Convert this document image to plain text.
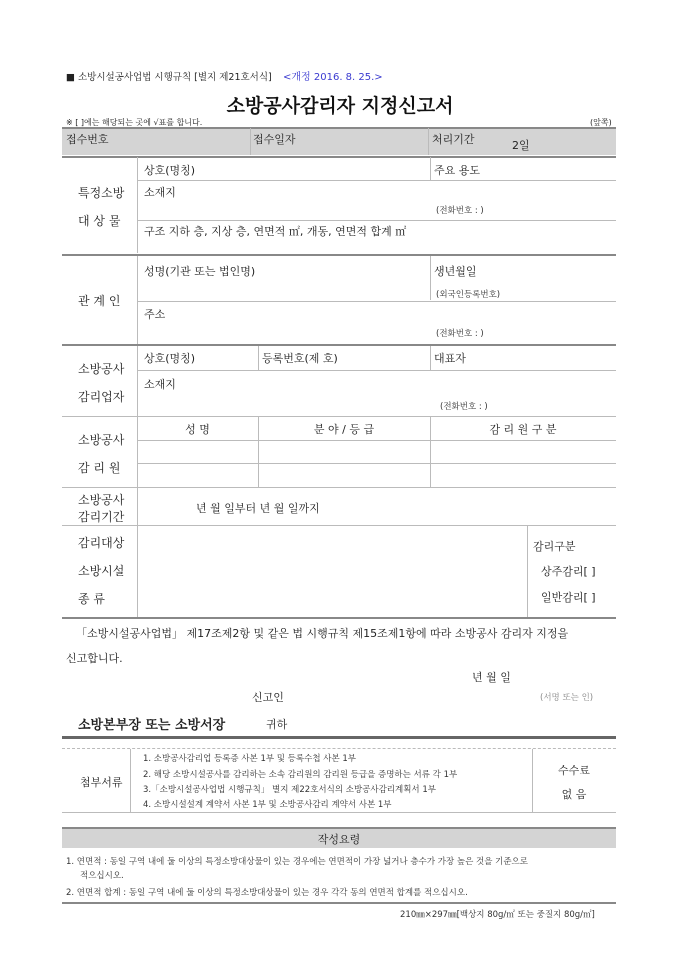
■ 소방시설공사업법 시행규칙 [별지 제21호서식] <개정 2016. 8. 25.>
소방공사감리자 지정신고서
※ [ ]에는 해당되는 곳에 √표를 합니다.	(앞쪽)
접수번호	접수일자	처리기간	2일
특정소방
대 상 물
상호(명칭)	주요 용도
소재지
(전화번호 : )
구조 지하 층, 지상 층, 연면적 ㎡, 개동, 연면적 합계 ㎡
관 계 인
성명(기관 또는 법인명)	생년월일
(외국인등록번호)
주소
(전화번호 : )
소방공사
감리업자
상호(명칭)	등록번호(제 호)	대표자
소재지
(전화번호 : )
소방공사
감 리 원
성 명	분 야 / 등 급	감 리 원 구 분
소방공사
감리기간
년 월 일부터 년 월 일까지
감리대상
소방시설
종 류
감리구분
상주감리[ ]
일반감리[ ]
「소방시설공사업법」 제17조제2항 및 같은 법 시행규칙 제15조제1항에 따라 소방공사 감리자 지정을
신고합니다.
년 월 일
신고인	(서명 또는 인)
소방본부장 또는 소방서장	귀하
첨부서류
1. 소방공사감리업 등록증 사본 1부 및 등록수첩 사본 1부
2. 해당 소방시설공사를 감리하는 소속 감리원의 감리원 등급을 증명하는 서류 각 1부
3.「소방시설공사업법 시행규칙」 별지 제22호서식의 소방공사감리계획서 1부
4. 소방시설설계 계약서 사본 1부 및 소방공사감리 계약서 사본 1부
수수료
없 음
작성요령
1. 연면적 : 동일 구역 내에 둘 이상의 특정소방대상물이 있는 경우에는 연면적이 가장 넓거나 층수가 가장 높은 것을 기준으로
적으십시오.
2. 연면적 합계 : 동일 구역 내에 둘 이상의 특정소방대상물이 있는 경우 각각 동의 연면적 합계를 적으십시오.
210㎜×297㎜[백상지 80g/㎡ 또는 중질지 80g/㎡]
